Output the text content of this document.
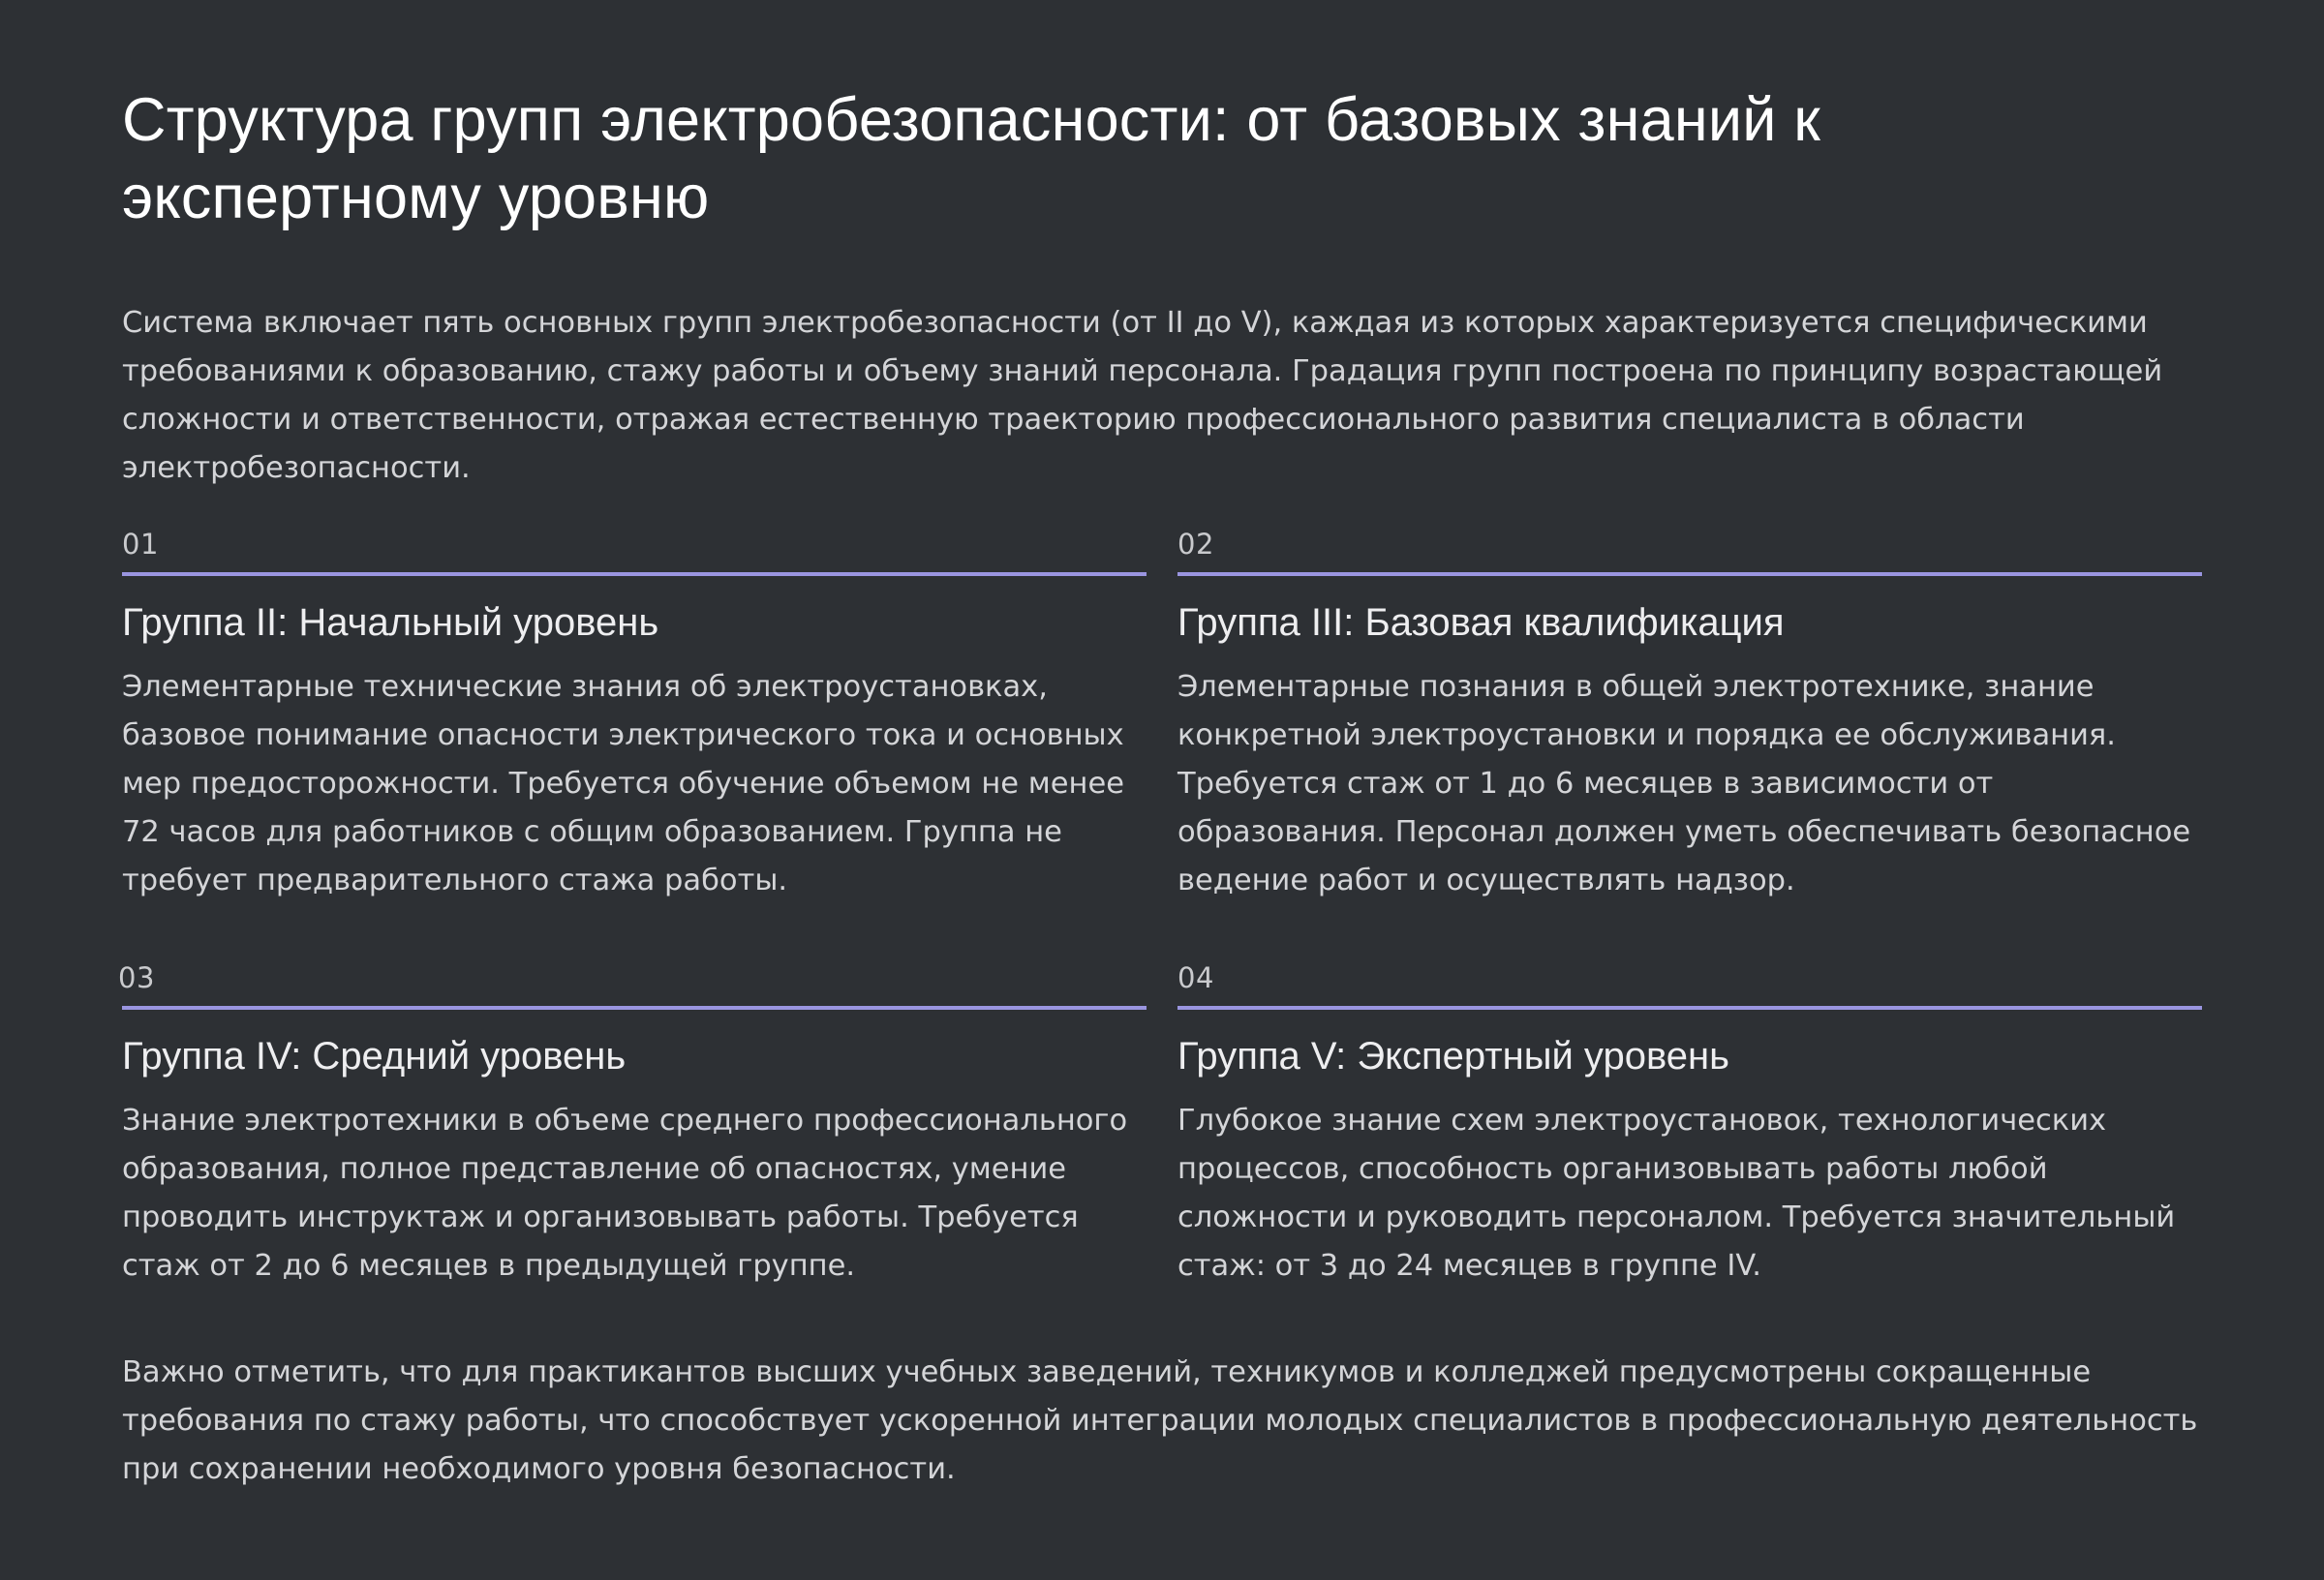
Структура групп электробезопасности: от базовых знаний к экспертному уровню

Система включает пять основных групп электробезопасности (от II до V), каждая из которых характеризуется специфическими требованиями к образованию, стажу работы и объему знаний персонала. Градация групп построена по принципу возрастающей сложности и ответственности, отражая естественную траекторию профессионального развития специалиста в области электробезопасности.

01
Группа II: Начальный уровень

Элементарные технические знания об электроустановках, базовое понимание опасности электрического тока и основных мер предосторожности. Требуется обучение объемом не менее 72 часов для работников с общим образованием. Группа не требует предварительного стажа работы.

02
Группа III: Базовая квалификация

Элементарные познания в общей электротехнике, знание конкретной электроустановки и порядка ее обслуживания. Требуется стаж от 1 до 6 месяцев в зависимости от образования. Персонал должен уметь обеспечивать безопасное ведение работ и осуществлять надзор.

03
Группа IV: Средний уровень

Знание электротехники в объеме среднего профессионального образования, полное представление об опасностях, умение проводить инструктаж и организовывать работы. Требуется стаж от 2 до 6 месяцев в предыдущей группе.

04
Группа V: Экспертный уровень

Глубокое знание схем электроустановок, технологических процессов, способность организовывать работы любой сложности и руководить персоналом. Требуется значительный стаж: от 3 до 24 месяцев в группе IV.

Важно отметить, что для практикантов высших учебных заведений, техникумов и колледжей предусмотрены сокращенные требования по стажу работы, что способствует ускоренной интеграции молодых специалистов в профессиональную деятельность при сохранении необходимого уровня безопасности.
